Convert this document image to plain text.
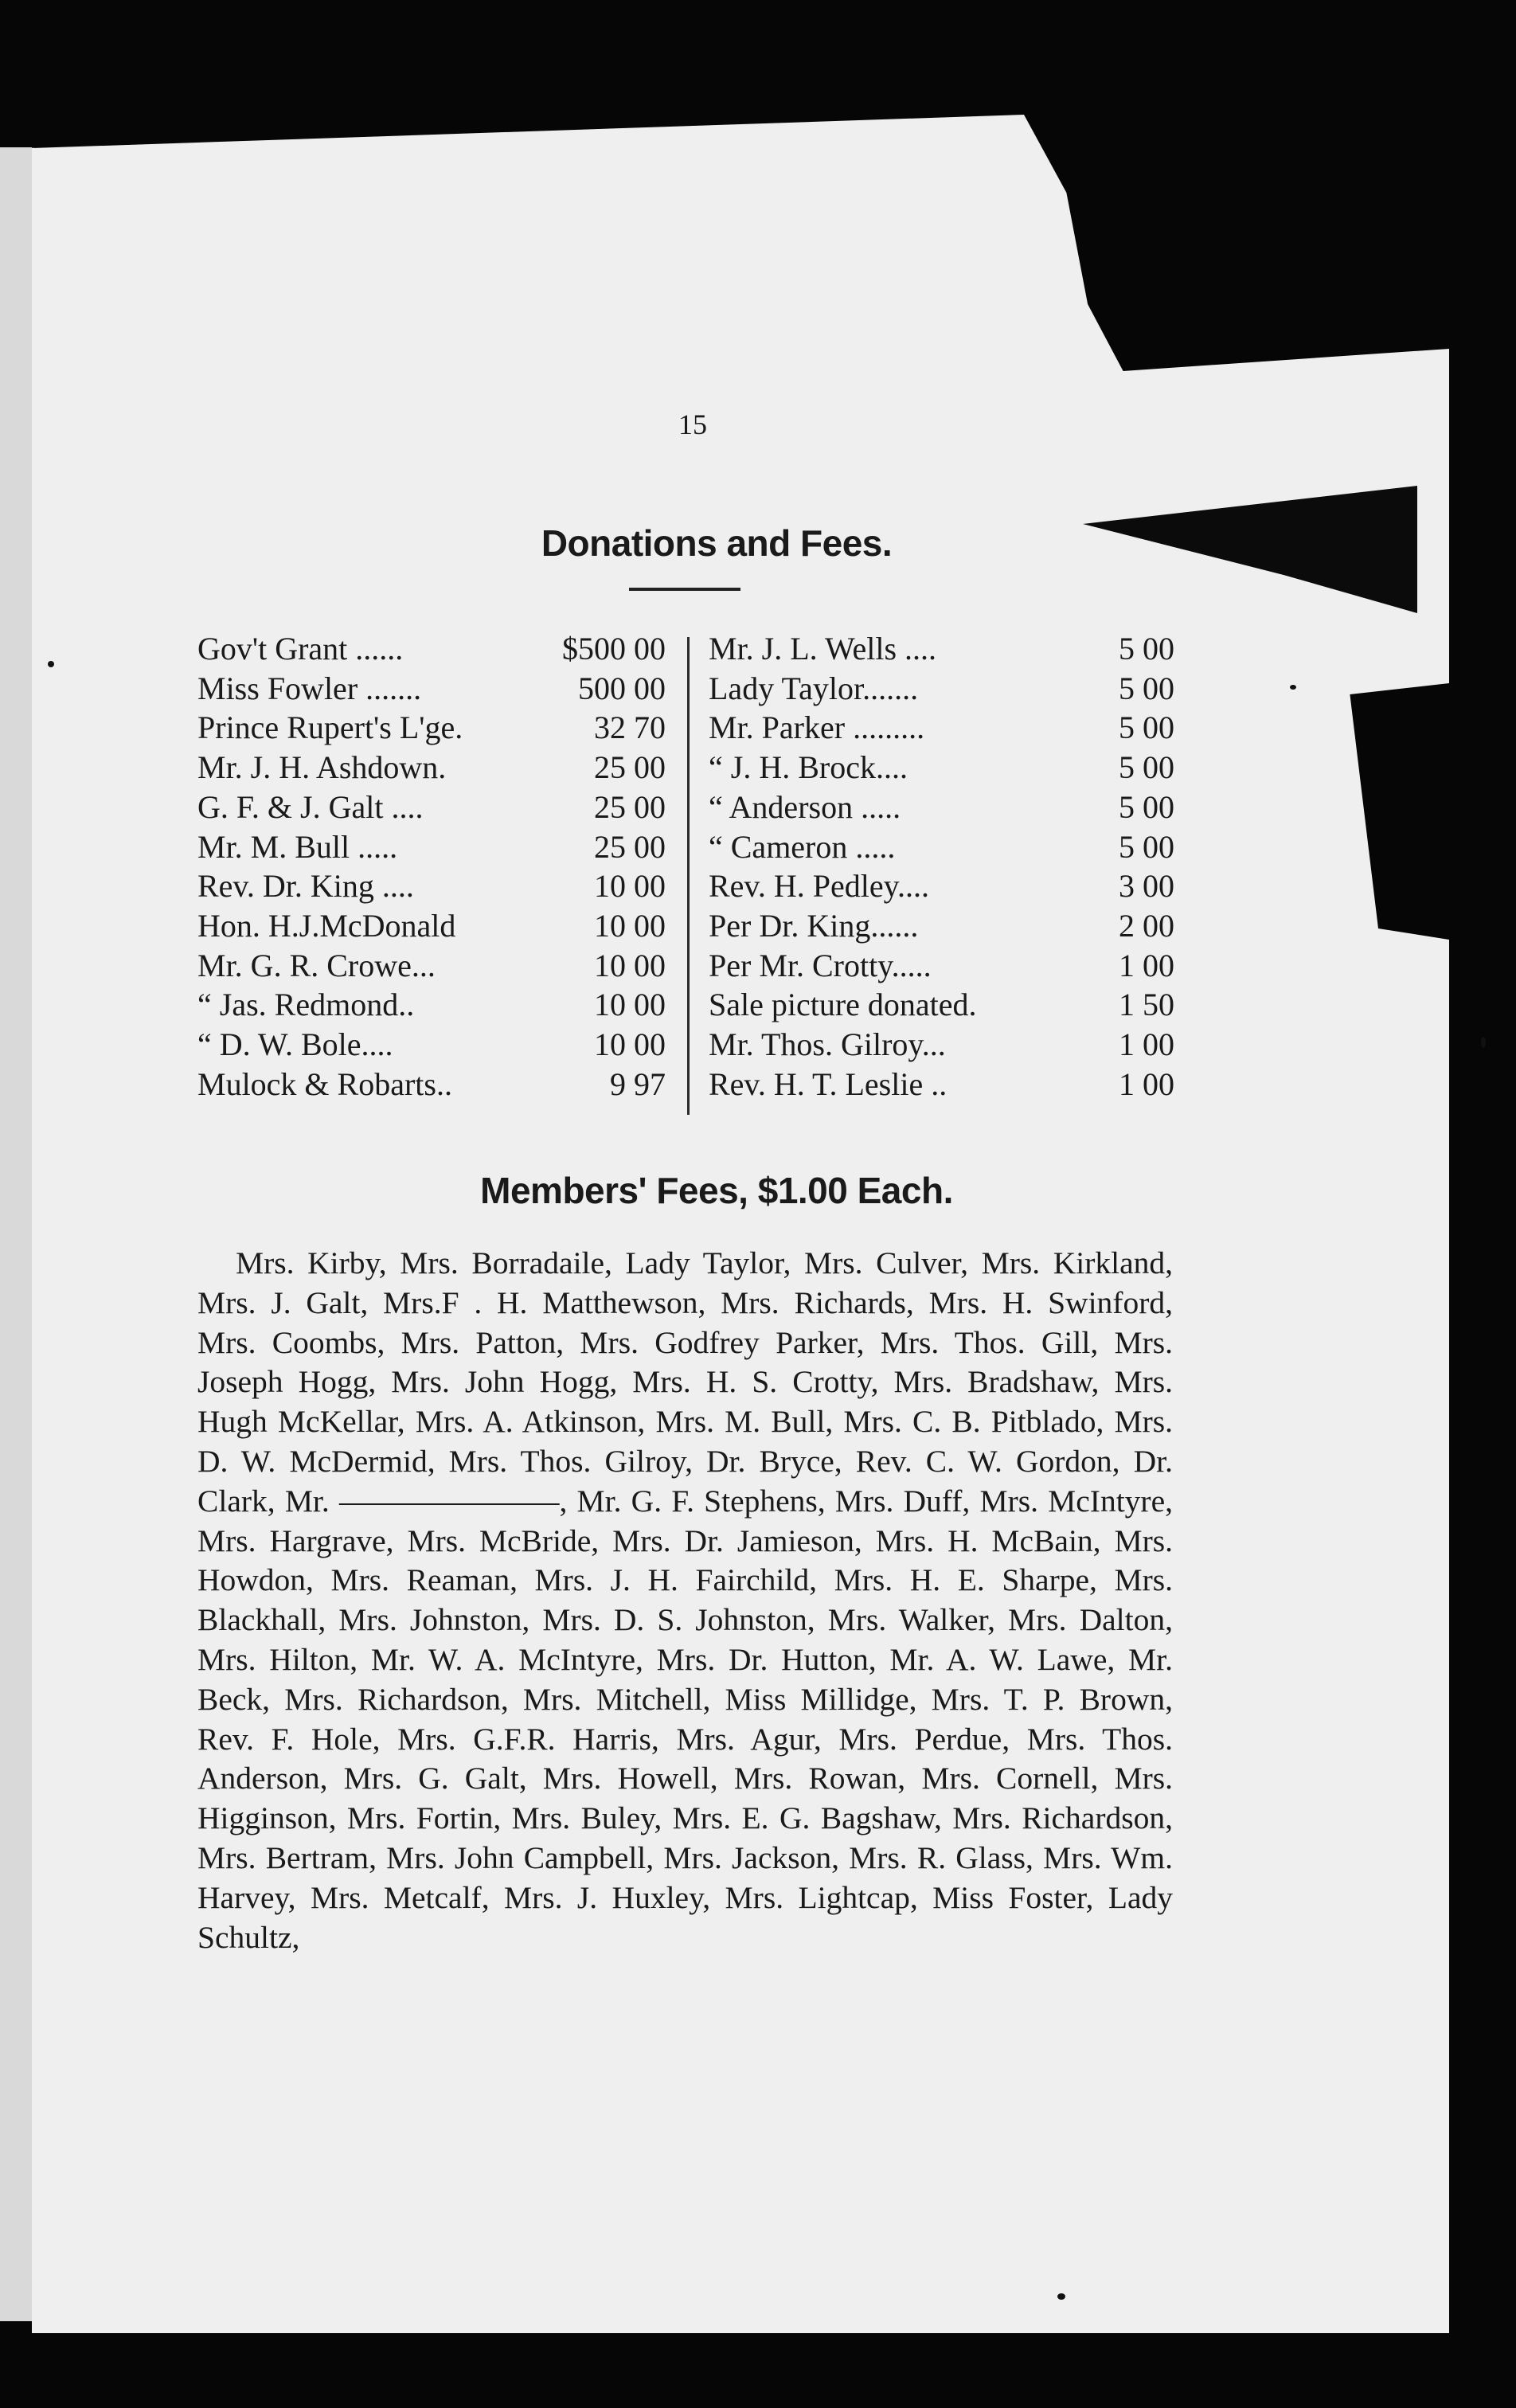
15
Donations and Fees.
Gov't Grant ......	$500 00
Miss Fowler .......	500 00
Prince Rupert's L'ge.	32 70
Mr. J. H. Ashdown.	25 00
G. F. & J. Galt ....	25 00
Mr. M. Bull .....	25 00
Rev. Dr. King ....	10 00
Hon. H.J.McDonald	10 00
Mr. G. R. Crowe...	10 00
“ Jas. Redmond..	10 00
“ D. W. Bole....	10 00
Mulock & Robarts..	9 97
Mr. J. L. Wells ....	5 00
Lady Taylor.......	5 00
Mr. Parker .........	5 00
“ J. H. Brock....	5 00
“ Anderson .....	5 00
“ Cameron .....	5 00
Rev. H. Pedley....	3 00
Per Dr. King......	2 00
Per Mr. Crotty.....	1 00
Sale picture donated.	1 50
Mr. Thos. Gilroy...	1 00
Rev. H. T. Leslie ..	1 00
Members' Fees, $1.00 Each.
Mrs. Kirby, Mrs. Borradaile, Lady Taylor, Mrs. Culver, Mrs. Kirkland, Mrs. J. Galt, Mrs.F . H. Matthewson, Mrs. Richards, Mrs. H. Swinford, Mrs. Coombs, Mrs. Patton, Mrs. Godfrey Parker, Mrs. Thos. Gill, Mrs. Joseph Hogg, Mrs. John Hogg, Mrs. H. S. Crotty, Mrs. Bradshaw, Mrs. Hugh McKellar, Mrs. A. Atkinson, Mrs. M. Bull, Mrs. C. B. Pitblado, Mrs. D. W. McDermid, Mrs. Thos. Gilroy, Dr. Bryce, Rev. C. W. Gordon, Dr. Clark, Mr. ———————, Mr. G. F. Stephens, Mrs. Duff, Mrs. McIntyre, Mrs. Hargrave, Mrs. McBride, Mrs. Dr. Jamieson, Mrs. H. McBain, Mrs. Howdon, Mrs. Reaman, Mrs. J. H. Fairchild, Mrs. H. E. Sharpe, Mrs. Blackhall, Mrs. Johnston, Mrs. D. S. Johnston, Mrs. Walker, Mrs. Dalton, Mrs. Hilton, Mr. W. A. McIntyre, Mrs. Dr. Hutton, Mr. A. W. Lawe, Mr. Beck, Mrs. Richardson, Mrs. Mitchell, Miss Millidge, Mrs. T. P. Brown, Rev. F. Hole, Mrs. G.F.R. Harris, Mrs. Agur, Mrs. Perdue, Mrs. Thos. Anderson, Mrs. G. Galt, Mrs. Howell, Mrs. Rowan, Mrs. Cornell, Mrs. Higginson, Mrs. Fortin, Mrs. Buley, Mrs. E. G. Bagshaw, Mrs. Richardson, Mrs. Bertram, Mrs. John Campbell, Mrs. Jackson, Mrs. R. Glass, Mrs. Wm. Harvey, Mrs. Metcalf, Mrs. J. Huxley, Mrs. Lightcap, Miss Foster, Lady Schultz,
